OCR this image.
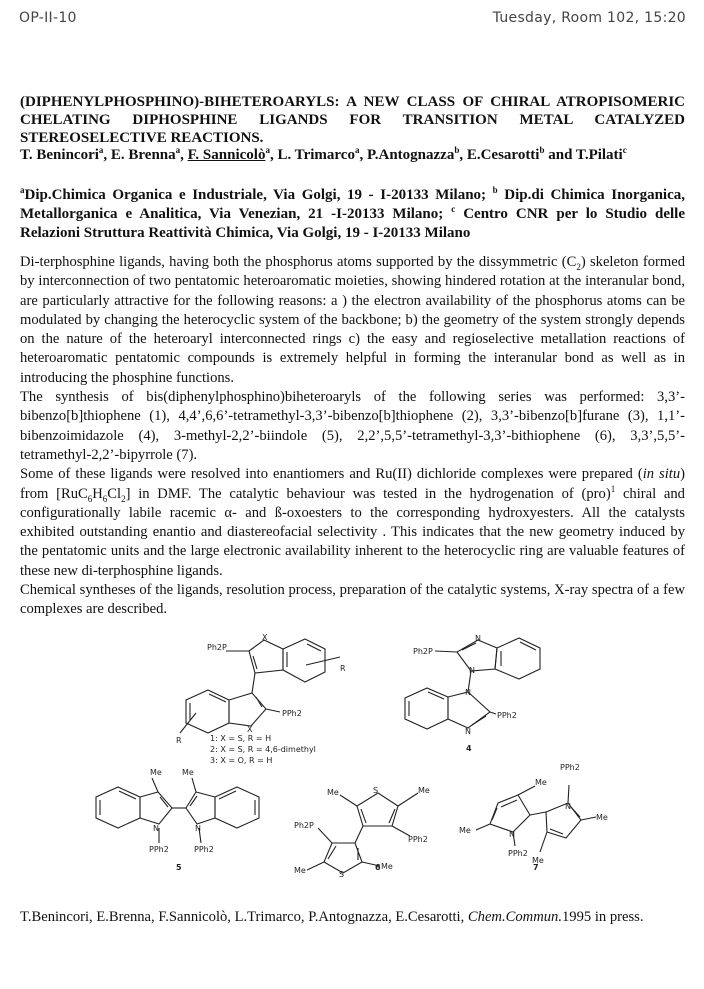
OP-II-10	Tuesday, Room 102, 15:20
(DIPHENYLPHOSPHINO)-BIHETEROARYLS: A NEW CLASS OF CHIRAL ATROPISOMERIC CHELATING DIPHOSPHINE LIGANDS FOR TRANSITION METAL CATALYZED STEREOSELECTIVE REACTIONS.
T. Benincori$^a$, E. Brenna$^a$, F. Sannicolò$^a$, L. Trimarco$^a$, P.Antognazza$^b$, E.Cesarotti$^b$ and T.Pilati$^c$
$^a$Dip.Chimica Organica e Industriale, Via Golgi, 19 - I-20133 Milano; $^b$ Dip.di Chimica Inorganica, Metallorganica e Analitica, Via Venezian, 21 -I-20133 Milano; $^c$ Centro CNR per lo Studio delle Relazioni Struttura Reattività Chimica, Via Golgi, 19 - I-20133 Milano

Di-terphosphine ligands, having both the phosphorus atoms supported by the dissymmetric $(C_2)$ skeleton formed by interconnection of two pentatomic heteroaromatic moieties, showing hindered rotation at the interanular bond, are particularly attractive for the following reasons: a ) the electron availability of the phosphorus atoms can be modulated by changing the heterocyclic system of the backbone; b) the geometry of the system strongly depends on the nature of the heteroaryl interconnected rings c) the easy and regioselective metallation reactions of heteroaromatic pentatomic compounds is extremely helpful in forming the interanular bond as well as in introducing the phosphine functions.

The synthesis of bis(diphenylphosphino)biheteroaryls of the following series was performed: 3,3’-bibenzo[b]thiophene (1), 4,4’,6,6’-tetramethyl-3,3’-bibenzo[b]thiophene (2), 3,3’-bibenzo[b]furane (3), 1,1’-bibenzoimidazole (4), 3-methyl-2,2’-biindole (5), 2,2’,5,5’-tetramethyl-3,3’-bithiophene (6), 3,3’,5,5’- tetramethyl-2,2’-bipyrrole (7).

Some of these ligands were resolved into enantiomers and Ru(II) dichloride complexes were prepared (in situ) from $[RuC_6H_6Cl_2]$ in DMF. The catalytic behaviour was tested in the hydrogenation of (pro)$^1$ chiral and configurationally labile racemic α- and ß-oxoesters to the corresponding hydroxyesters. All the catalysts exhibited outstanding enantio and diastereofacial selectivity . This indicates that the new geometry induced by the pentatomic units and the large electronic availability inherent to the heterocyclic ring are valuable features of these new di-terphosphine ligands.

Chemical syntheses of the ligands, resolution process, preparation of the catalytic systems, X-ray spectra of a few complexes are described.

Ph2P
PPh2
X
X
R
R	1: X = S, R = H
2: X = S, R = 4,6-dimethyl
3: X = O, R = H
Ph2P
PPh2
N
N
N
N
4
Me	Me
N	N
PPh2	PPh2
5
S
S
Me	Me
Me	Me
Ph2P
PPh2
6
Me
Me
Me
Me
N
N
PPh2
PPh2
7
T.Benincori, E.Brenna, F.Sannicolò, L.Trimarco, P.Antognazza, E.Cesarotti, Chem.Commun.1995 in press.
